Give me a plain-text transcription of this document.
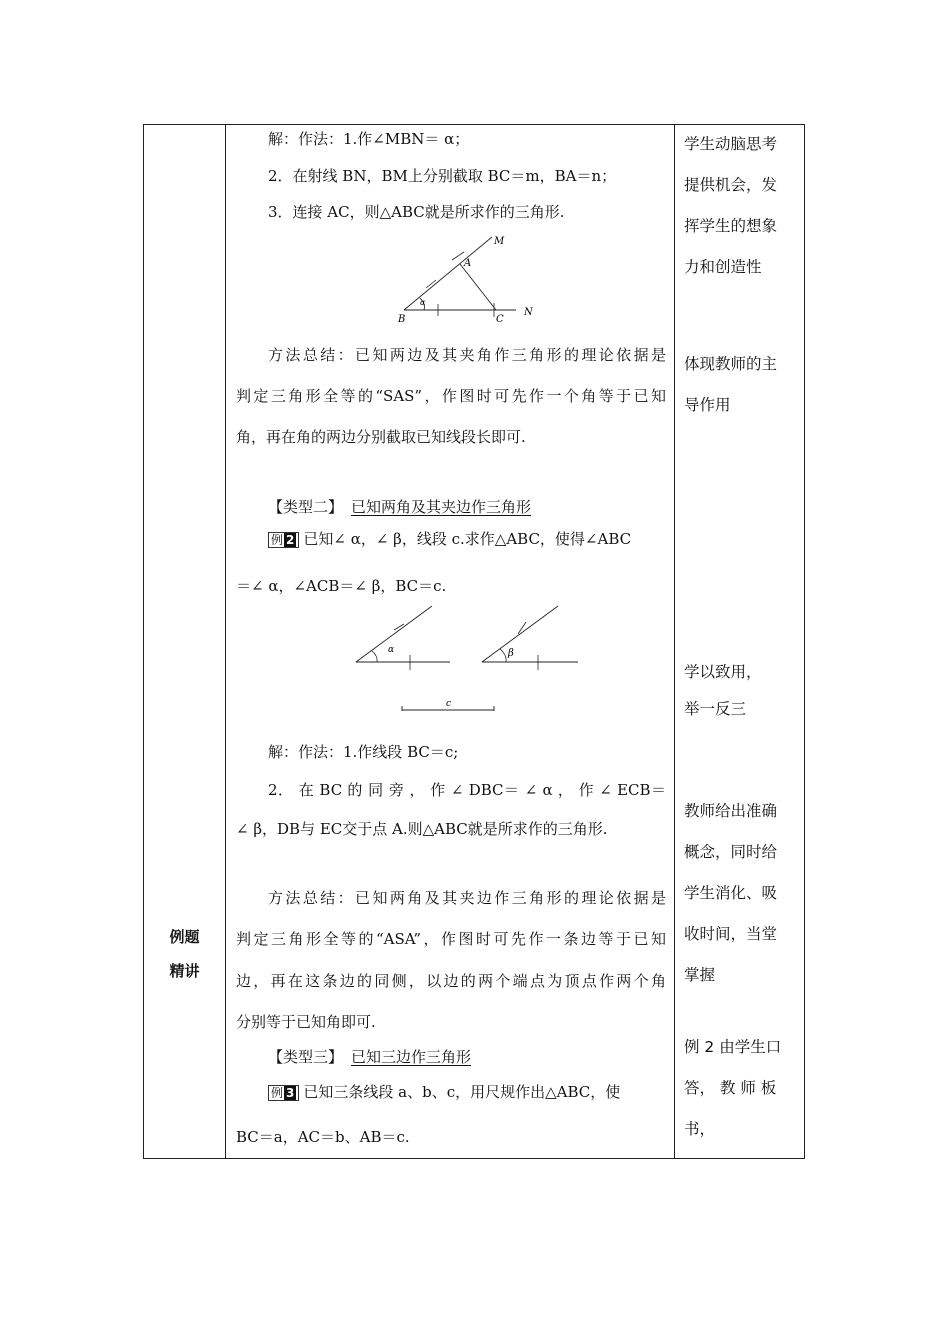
例题
精讲
解：作法：1.作∠MBN＝ α；
2．在射线 BN，BM上分别截取 BC＝m，BA＝n；
3．连接 AC，则△ABC就是所求作的三角形.
M
A
α
B	C
N
方法总结：已知两边及其夹角作三角形的理论依据是
判定三角形全等的“SAS”，作图时可先作一个角等于已知
角，再在角的两边分别截取已知线段长即可.
【类型二】 已知两角及其夹边作三角形
例 2 已知∠ α，∠ β，线段 c.求作△ABC，使得∠ABC
＝∠ α，∠ACB＝∠ β，BC＝c.
α	β
c
解：作法：1.作线段 BC＝c;
2． 在 BC 的 同 旁 ， 作 ∠ DBC＝ ∠ α ， 作 ∠ ECB＝
∠ β，DB与 EC交于点 A.则△ABC就是所求作的三角形.
方法总结：已知两角及其夹边作三角形的理论依据是
判定三角形全等的“ASA”，作图时可先作一条边等于已知
边，再在这条边的同侧，以边的两个端点为顶点作两个角
分别等于已知角即可.
【类型三】 已知三边作三角形
例 3 已知三条线段 a、b、c，用尺规作出△ABC，使
BC＝a，AC＝b、AB＝c.
学生动脑思考
提供机会，发
挥学生的想象
力和创造性
体现教师的主
导作用
学以致用，
举一反三
教师给出准确
概念，同时给
学生消化、吸
收时间，当堂
掌握
例 2 由学生口
答， 教 师 板
书，
